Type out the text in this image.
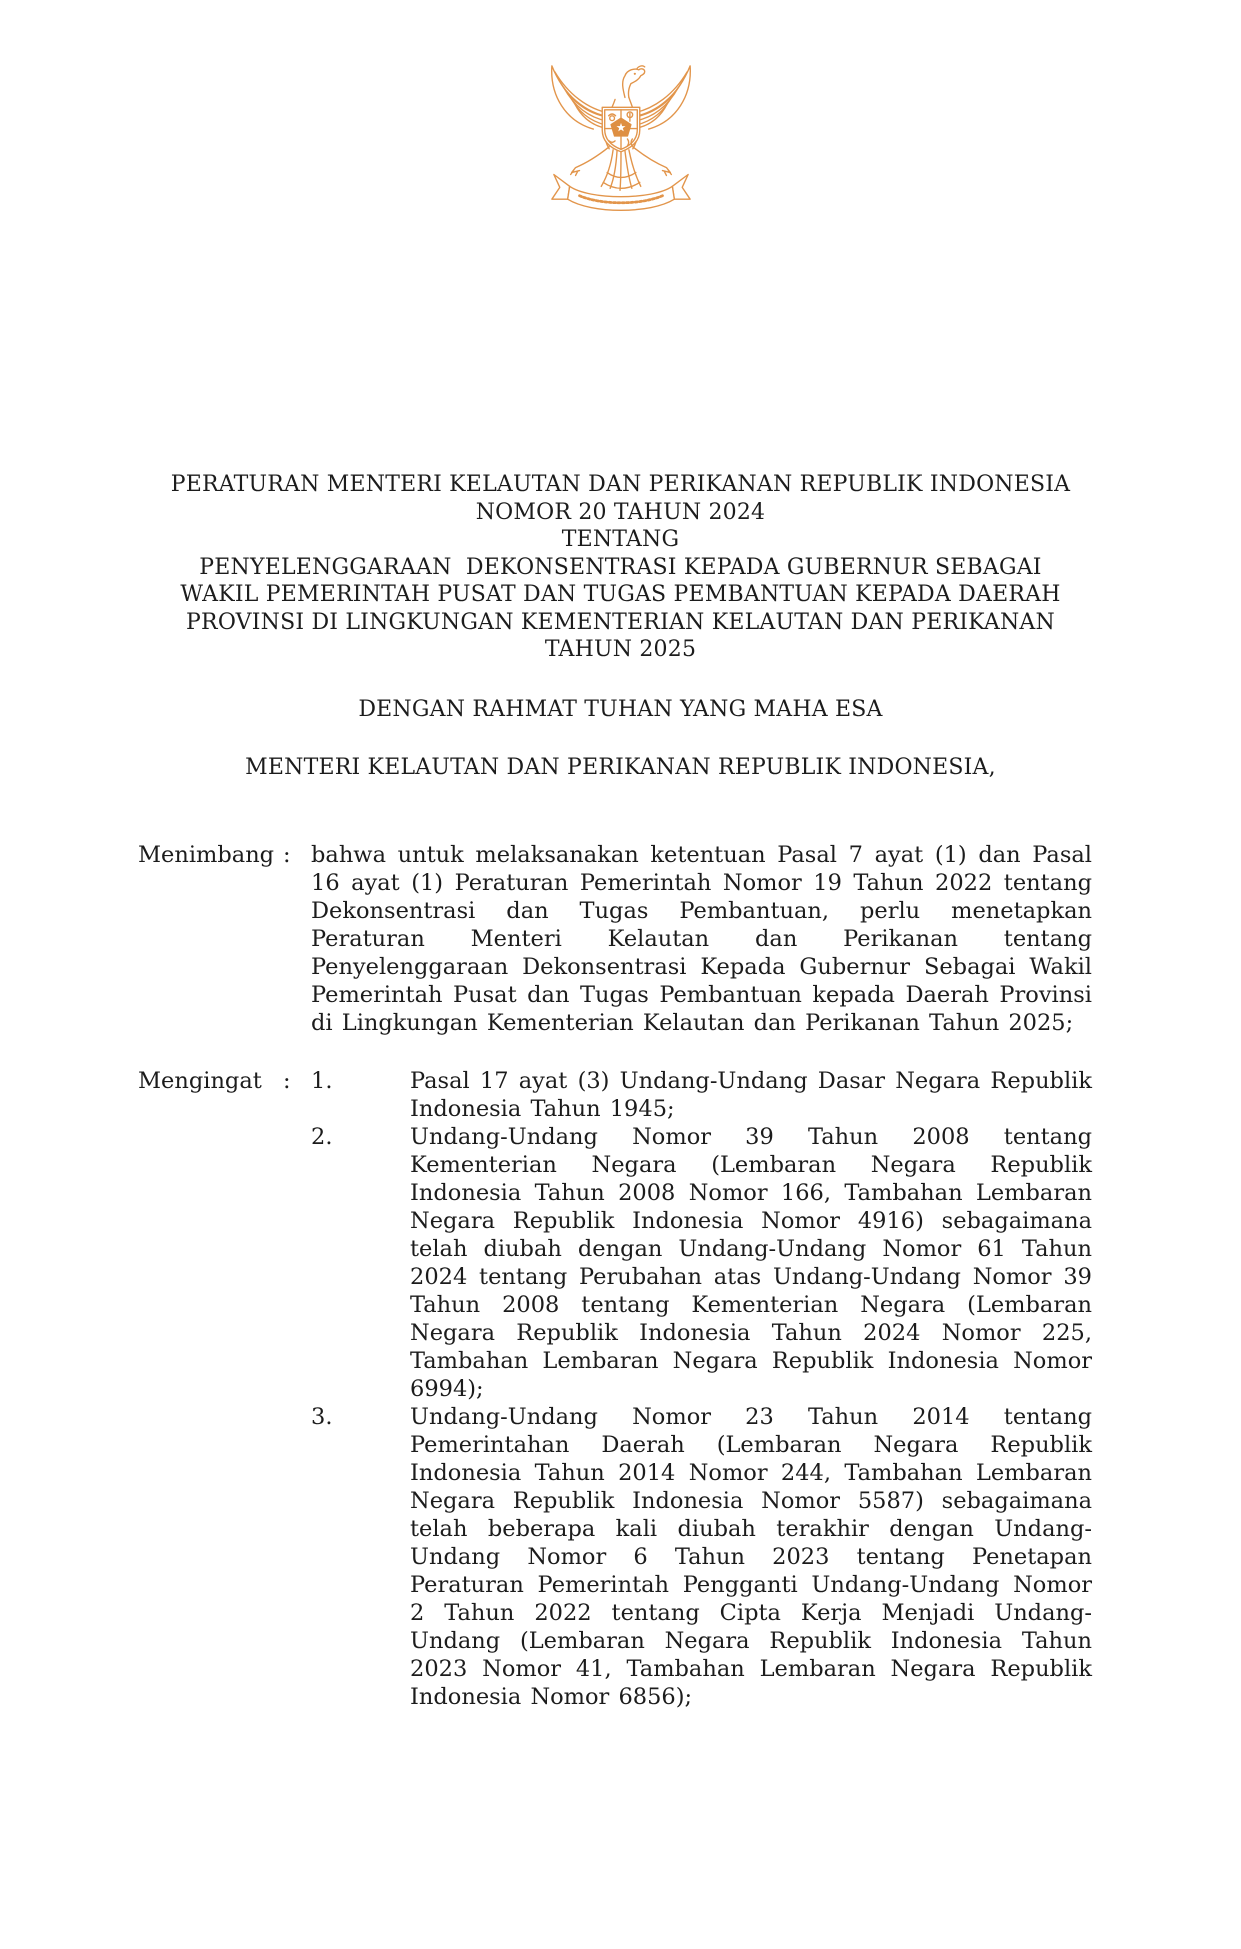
PERATURAN MENTERI KELAUTAN DAN PERIKANAN REPUBLIK INDONESIA
NOMOR 20 TAHUN 2024
TENTANG
PENYELENGGARAAN  DEKONSENTRASI KEPADA GUBERNUR SEBAGAI
WAKIL PEMERINTAH PUSAT DAN TUGAS PEMBANTUAN KEPADA DAERAH
PROVINSI DI LINGKUNGAN KEMENTERIAN KELAUTAN DAN PERIKANAN
TAHUN 2025
DENGAN RAHMAT TUHAN YANG MAHA ESA
MENTERI KELAUTAN DAN PERIKANAN REPUBLIK INDONESIA,
Menimbang : bahwa untuk melaksanakan ketentuan Pasal 7 ayat (1) dan Pasal 16 ayat (1) Peraturan Pemerintah Nomor 19 Tahun 2022 tentang Dekonsentrasi dan Tugas Pembantuan, perlu menetapkan Peraturan Menteri Kelautan dan Perikanan tentang Penyelenggaraan Dekonsentrasi Kepada Gubernur Sebagai Wakil Pemerintah Pusat dan Tugas Pembantuan kepada Daerah Provinsi di Lingkungan Kementerian Kelautan dan Perikanan Tahun 2025;
Mengingat : 1.	Pasal 17 ayat (3) Undang-Undang Dasar Negara Republik Indonesia Tahun 1945;
2.	Undang-Undang Nomor 39 Tahun 2008 tentang Kementerian Negara (Lembaran Negara Republik Indonesia Tahun 2008 Nomor 166, Tambahan Lembaran Negara Republik Indonesia Nomor 4916) sebagaimana telah diubah dengan Undang-Undang Nomor 61 Tahun 2024 tentang Perubahan atas Undang-Undang Nomor 39 Tahun 2008 tentang Kementerian Negara (Lembaran Negara Republik Indonesia Tahun 2024 Nomor 225, Tambahan Lembaran Negara Republik Indonesia Nomor 6994);
3.	Undang-Undang Nomor 23 Tahun 2014 tentang Pemerintahan Daerah (Lembaran Negara Republik Indonesia Tahun 2014 Nomor 244, Tambahan Lembaran Negara Republik Indonesia Nomor 5587) sebagaimana telah beberapa kali diubah terakhir dengan Undang-Undang Nomor 6 Tahun 2023 tentang Penetapan Peraturan Pemerintah Pengganti Undang-Undang Nomor 2 Tahun 2022 tentang Cipta Kerja Menjadi Undang-Undang (Lembaran Negara Republik Indonesia Tahun 2023 Nomor 41, Tambahan Lembaran Negara Republik Indonesia Nomor 6856);
